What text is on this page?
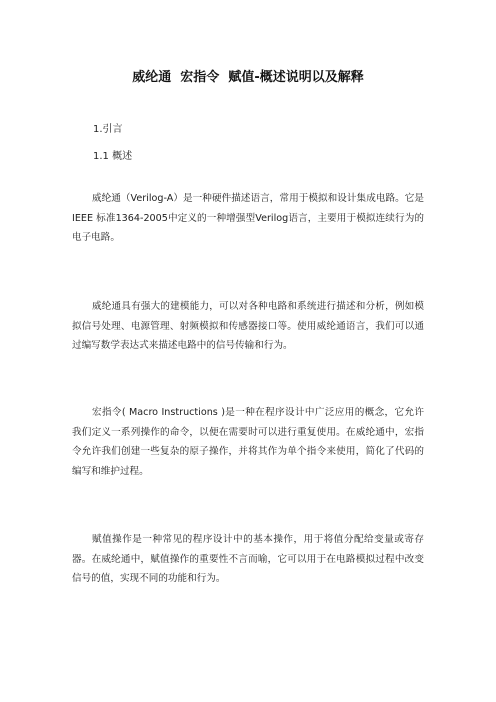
威纶通  宏指令  赋值-概述说明以及解释
1.引言
1.1 概述

威纶通（Verilog-A）是一种硬件描述语言，常用于模拟和设计集成电路。它是IEEE 标准1364-2005中定义的一种增强型Verilog语言，主要用于模拟连续行为的电子电路。

威纶通具有强大的建模能力，可以对各种电路和系统进行描述和分析，例如模拟信号处理、电源管理、射频模拟和传感器接口等。使用威纶通语言，我们可以通过编写数学表达式来描述电路中的信号传输和行为。

宏指令( Macro Instructions )是一种在程序设计中广泛应用的概念，它允许我们定义一系列操作的命令，以便在需要时可以进行重复使用。在威纶通中，宏指令允许我们创建一些复杂的原子操作，并将其作为单个指令来使用，简化了代码的编写和维护过程。

赋值操作是一种常见的程序设计中的基本操作，用于将值分配给变量或寄存器。在威纶通中，赋值操作的重要性不言而喻，它可以用于在电路模拟过程中改变信号的值，实现不同的功能和行为。
